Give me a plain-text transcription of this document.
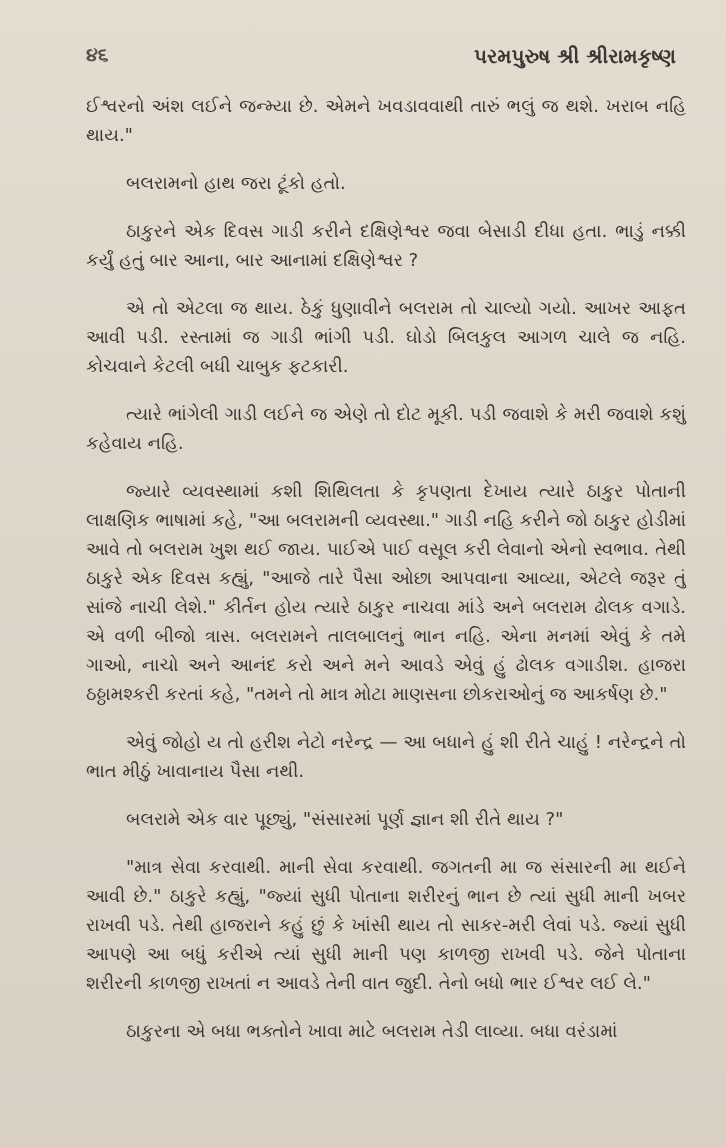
૪૬	પરમપુરુષ શ્રી શ્રીરામકૃષ્ણ

ઈશ્વરનો અંશ લઈને જન્મ્યા છે. એમને ખવડાવવાથી તારું ભલું જ થશે. ખરાબ નહિ થાય."

બલરામનો હાથ જરા ટૂંકો હતો.

ઠાકુરને એક દિવસ ગાડી કરીને દક્ષિણેશ્વર જવા બેસાડી દીધા હતા. ભાડું નક્કી કર્યું હતું બાર આના, બાર આનામાં દક્ષિણેશ્વર ?

એ તો એટલા જ થાય. ઠેકું ધુણાવીને બલરામ તો ચાલ્યો ગયો. આખર આફત આવી પડી. રસ્તામાં જ ગાડી ભાંગી પડી. ઘોડો બિલકુલ આગળ ચાલે જ નહિ. કોચવાને કેટલી બધી ચાબુક ફટકારી.

ત્યારે ભાંગેલી ગાડી લઈને જ એણે તો દોટ મૂકી. પડી જવાશે કે મરી જવાશે કશું કહેવાય નહિ.

જ્યારે વ્યવસ્થામાં કશી શિથિલતા કે કૃપણતા દેખાય ત્યારે ઠાકુર પોતાની લાક્ષણિક ભાષામાં કહે, "આ બલરામની વ્યવસ્થા." ગાડી નહિ કરીને જો ઠાકુર હોડીમાં આવે તો બલરામ ખુશ થઈ જાય. પાઈએ પાઈ વસૂલ કરી લેવાનો એનો સ્વભાવ. તેથી ઠાકુરે એક દિવસ કહ્યું, "આજે તારે પૈસા ઓછા આપવાના આવ્યા, એટલે જરૂર તું સાંજે નાચી લેશે." કીર્તન હોય ત્યારે ઠાકુર નાચવા માંડે અને બલરામ ઢોલક વગાડે. એ વળી બીજો ત્રાસ. બલરામને તાલબાલનું ભાન નહિ. એના મનમાં એવું કે તમે ગાઓ, નાચો અને આનંદ કરો અને મને આવડે એવું હું ઢોલક વગાડીશ. હાજરા ઠઠ્ઠામશ્કરી કરતાં કહે, "તમને તો માત્ર મોટા માણસના છોકરાઓનું જ આકર્ષણ છે."

એવું જોહો ય તો હરીશ નેટો નરેન્દ્ર — આ બધાને હું શી રીતે ચાહું ! નરેન્દ્રને તો ભાત મીઠું ખાવાનાય પૈસા નથી.

બલરામે એક વાર પૂછ્યું, "સંસારમાં પૂર્ણ જ્ઞાન શી રીતે થાય ?"

"માત્ર સેવા કરવાથી. માની સેવા કરવાથી. જગતની મા જ સંસારની મા થઈને આવી છે." ઠાકુરે કહ્યું, "જ્યાં સુધી પોતાના શરીરનું ભાન છે ત્યાં સુધી માની ખબર રાખવી પડે. તેથી હાજરાને કહું છું કે ખાંસી થાય તો સાકર-મરી લેવાં પડે. જ્યાં સુધી આપણે આ બધું કરીએ ત્યાં સુધી માની પણ કાળજી રાખવી પડે. જેને પોતાના શરીરની કાળજી રાખતાં ન આવડે તેની વાત જુદી. તેનો બધો ભાર ઈશ્વર લઈ લે."

ઠાકુરના એ બધા ભક્તોને ખાવા માટે બલરામ તેડી લાવ્યા. બધા વરંડામાં
